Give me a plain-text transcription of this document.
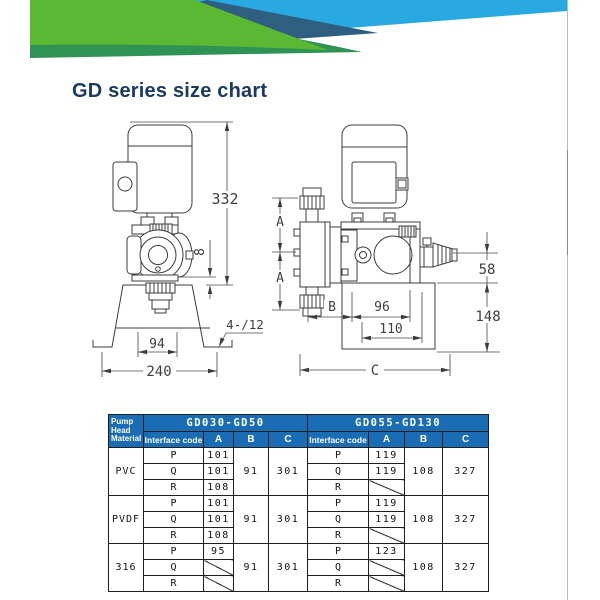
GD series size chart
332
8
94
240
4-∕12
A
A
58
148
B	96
110
C
Pump
Head
Material	GD030-GD50				GD055-GD130			
	Interface code	A	B	C	Interface code	A	B	C
PVC	P	101	91	301	P	119	108	327
	Q	101			Q	119		
	R	108			R			
PVDF	P	101	91	301	P	119	108	327
	Q	101			Q	119		
	R	108			R			
316	P	95	91	301	P	123	108	327
	Q				Q			
	R				R			
